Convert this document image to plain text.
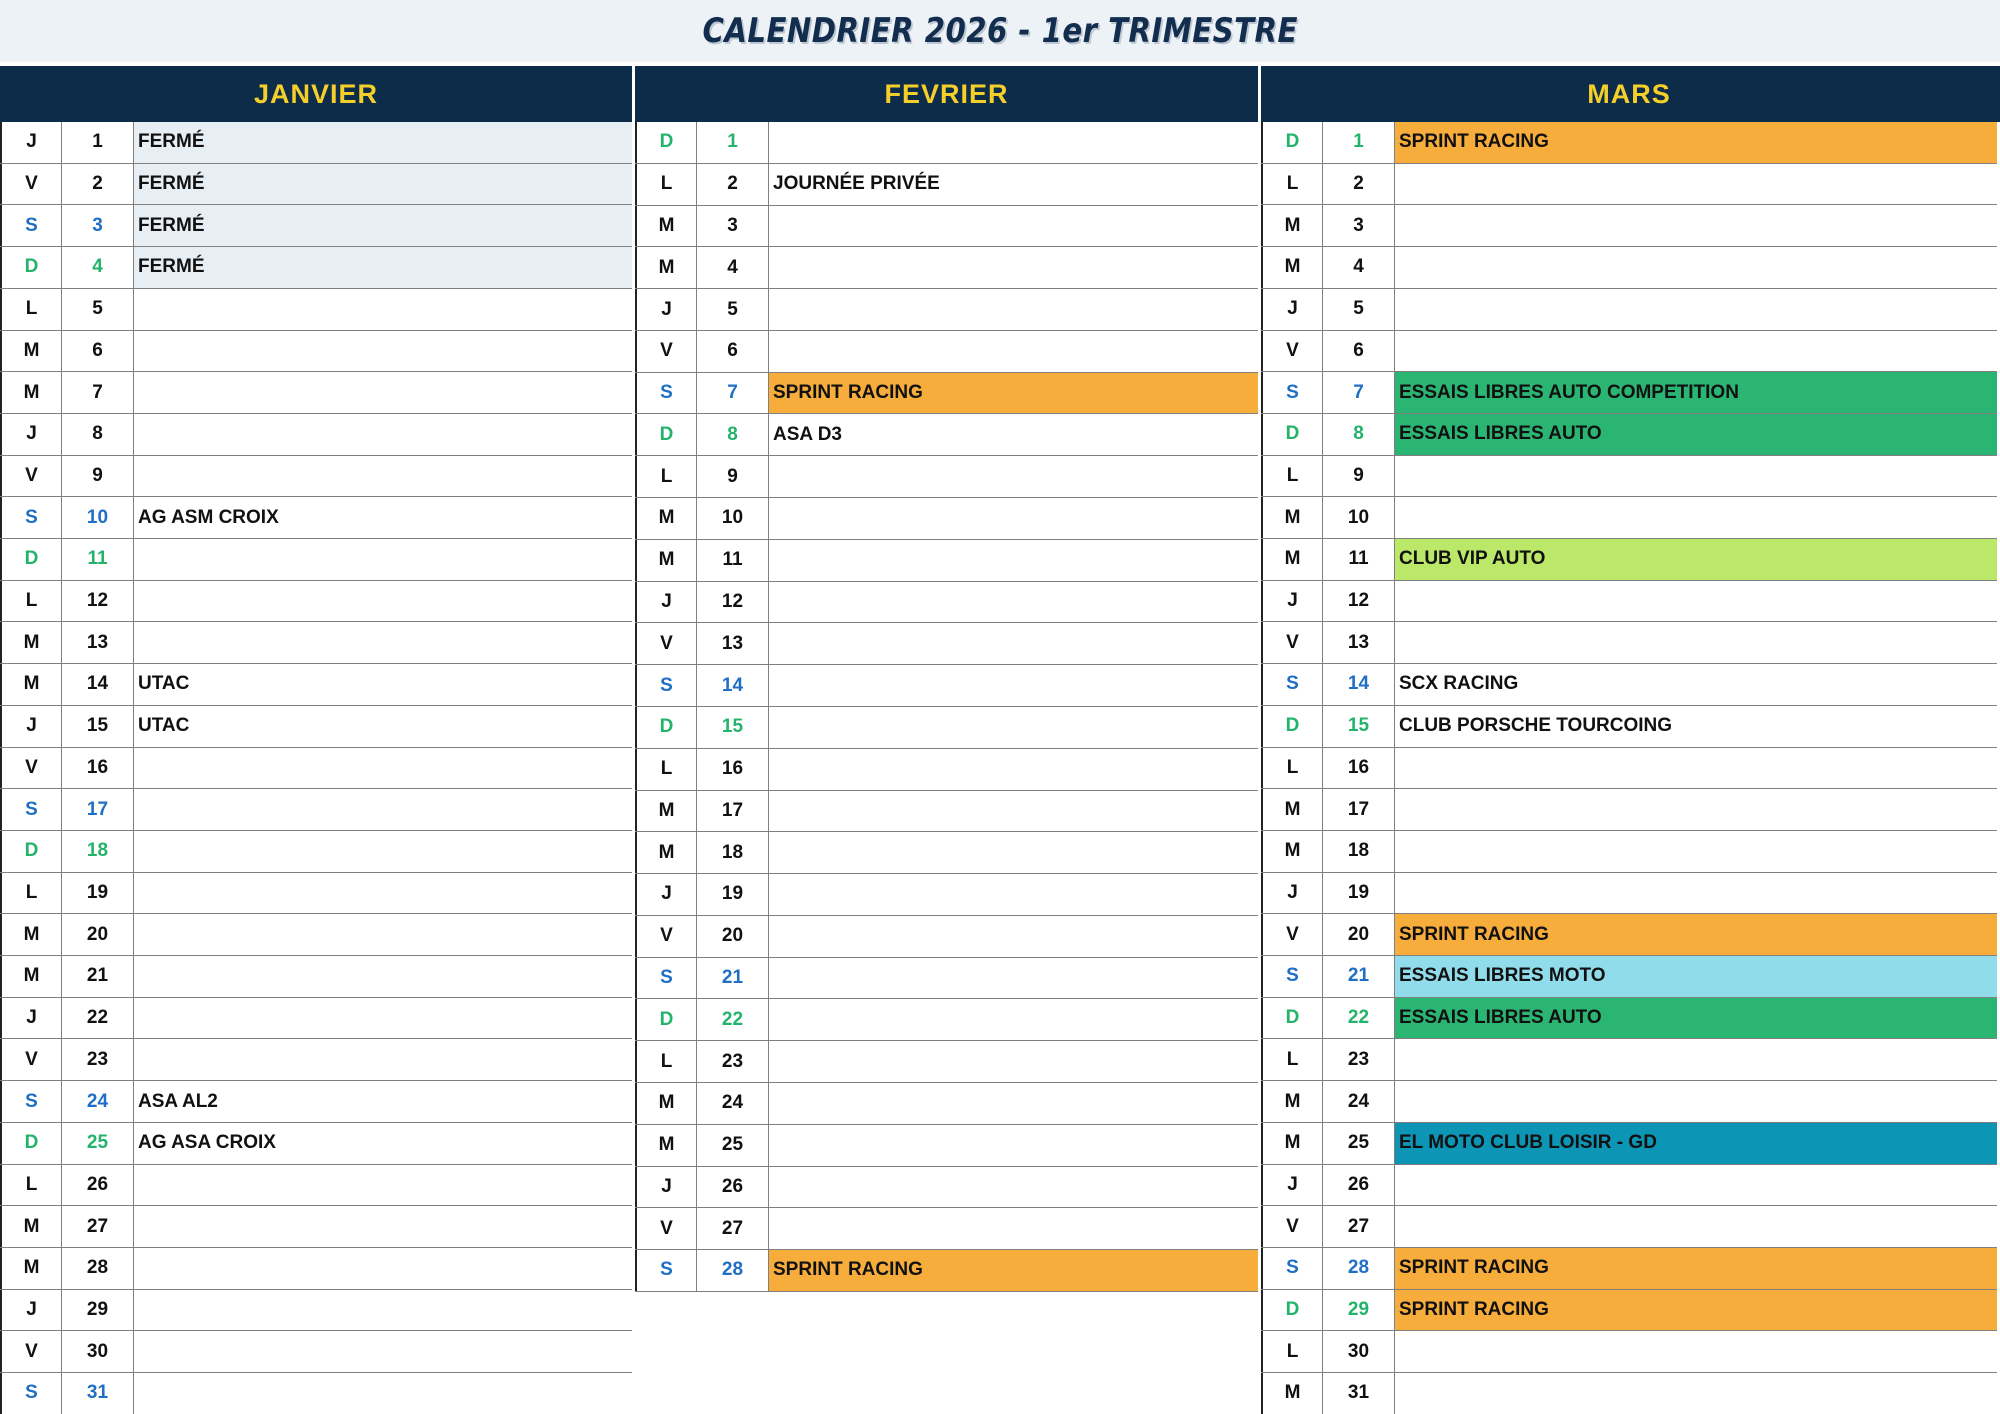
CALENDRIER 2026 - 1er TRIMESTRE
JANVIER	FEVRIER	MARS
J	1	FERMÉ
V	2	FERMÉ
S	3	FERMÉ
D	4	FERMÉ
L	5
M	6
M	7
J	8
V	9
S	10	AG ASM CROIX
D	11
L	12
M	13
M	14	UTAC
J	15	UTAC
V	16
S	17
D	18
L	19
M	20
M	21
J	22
V	23
S	24	ASA AL2
D	25	AG ASA CROIX
L	26
M	27
M	28
J	29
V	30
S	31
D	1
L	2	JOURNÉE PRIVÉE
M	3
M	4
J	5
V	6
S	7	SPRINT RACING
D	8	ASA D3
L	9
M	10
M	11
J	12
V	13
S	14
D	15
L	16
M	17
M	18
J	19
V	20
S	21
D	22
L	23
M	24
M	25
J	26
V	27
S	28	SPRINT RACING
D	1	SPRINT RACING
L	2
M	3
M	4
J	5
V	6
S	7	ESSAIS LIBRES AUTO COMPETITION
D	8	ESSAIS LIBRES AUTO
L	9
M	10
M	11	CLUB VIP AUTO
J	12
V	13
S	14	SCX RACING
D	15	CLUB PORSCHE TOURCOING
L	16
M	17
M	18
J	19
V	20	SPRINT RACING
S	21	ESSAIS LIBRES MOTO
D	22	ESSAIS LIBRES AUTO
L	23
M	24
M	25	EL MOTO CLUB LOISIR - GD
J	26
V	27
S	28	SPRINT RACING
D	29	SPRINT RACING
L	30
M	31
